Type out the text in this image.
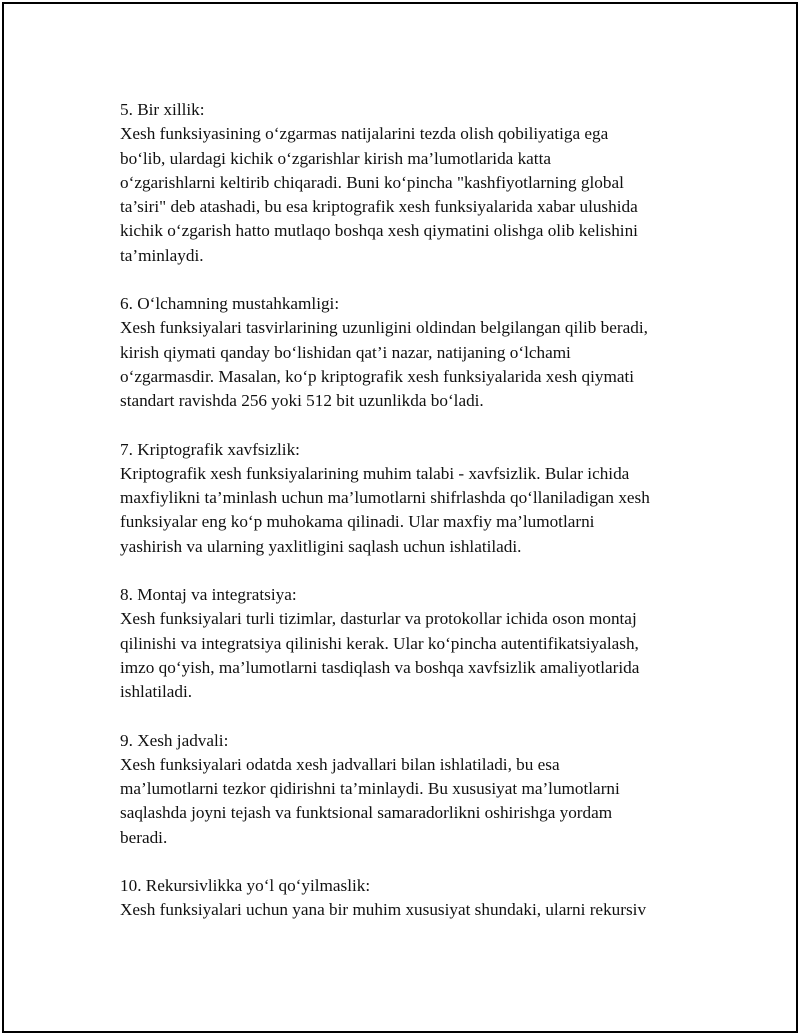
5. Bir xillik:
Xesh funksiyasining o‘zgarmas natijalarini tezda olish qobiliyatiga ega
bo‘lib, ulardagi kichik o‘zgarishlar kirish ma’lumotlarida katta
o‘zgarishlarni keltirib chiqaradi. Buni ko‘pincha "kashfiyotlarning global
ta’siri" deb atashadi, bu esa kriptografik xesh funksiyalarida xabar ulushida
kichik o‘zgarish hatto mutlaqo boshqa xesh qiymatini olishga olib kelishini
ta’minlaydi.
6. O‘lchamning mustahkamligi:
Xesh funksiyalari tasvirlarining uzunligini oldindan belgilangan qilib beradi,
kirish qiymati qanday bo‘lishidan qat’i nazar, natijaning o‘lchami
o‘zgarmasdir. Masalan, ko‘p kriptografik xesh funksiyalarida xesh qiymati
standart ravishda 256 yoki 512 bit uzunlikda bo‘ladi.
7. Kriptografik xavfsizlik:
Kriptografik xesh funksiyalarining muhim talabi - xavfsizlik. Bular ichida
maxfiylikni ta’minlash uchun ma’lumotlarni shifrlashda qo‘llaniladigan xesh
funksiyalar eng ko‘p muhokama qilinadi. Ular maxfiy ma’lumotlarni
yashirish va ularning yaxlitligini saqlash uchun ishlatiladi.
8. Montaj va integratsiya:
Xesh funksiyalari turli tizimlar, dasturlar va protokollar ichida oson montaj
qilinishi va integratsiya qilinishi kerak. Ular ko‘pincha autentifikatsiyalash,
imzo qo‘yish, ma’lumotlarni tasdiqlash va boshqa xavfsizlik amaliyotlarida
ishlatiladi.
9. Xesh jadvali:
Xesh funksiyalari odatda xesh jadvallari bilan ishlatiladi, bu esa
ma’lumotlarni tezkor qidirishni ta’minlaydi. Bu xususiyat ma’lumotlarni
saqlashda joyni tejash va funktsional samaradorlikni oshirishga yordam
beradi.
10. Rekursivlikka yo‘l qo‘yilmaslik:
Xesh funksiyalari uchun yana bir muhim xususiyat shundaki, ularni rekursiv
